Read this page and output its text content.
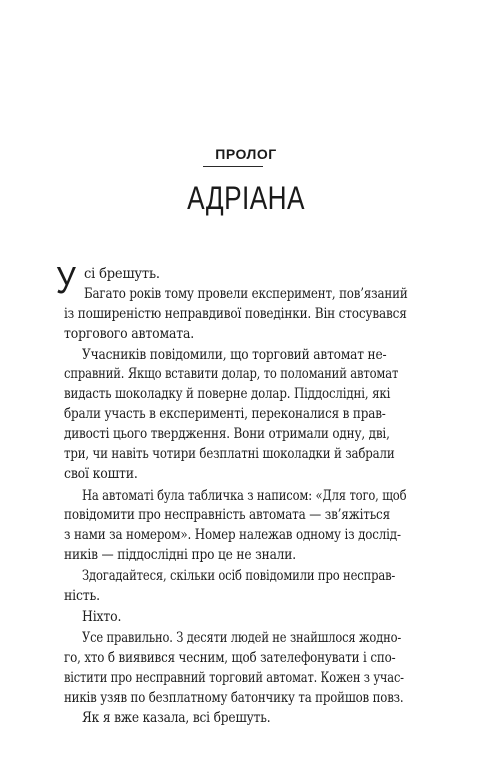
ПРОЛОГ
АДРІАНА
У сі брешуть.
Багато років тому провели експеримент, пов’язаний
із поширеністю неправдивої поведінки. Він стосувався
торгового автомата.
Учасників повідомили, що торговий автомат не-
справний. Якщо вставити долар, то поломаний автомат
видасть шоколадку й поверне долар. Піддослідні, які
брали участь в експерименті, переконалися в прав-
дивості цього твердження. Вони отримали одну, дві,
три, чи навіть чотири безплатні шоколадки й забрали
свої кошти.
На автоматі була табличка з написом: «Для того, щоб
повідомити про несправність автомата — зв’яжіться
з нами за номером». Номер належав одному із дослід-
ників — піддослідні про це не знали.
Здогадайтеся, скільки осіб повідомили про несправ-
ність.
Ніхто.
Усе правильно. З десяти людей не знайшлося жодно-
го, хто б виявився чесним, щоб зателефонувати і спо-
вістити про несправний торговий автомат. Кожен з учас-
ників узяв по безплатному батончику та пройшов повз.
Як я вже казала, всі брешуть.
